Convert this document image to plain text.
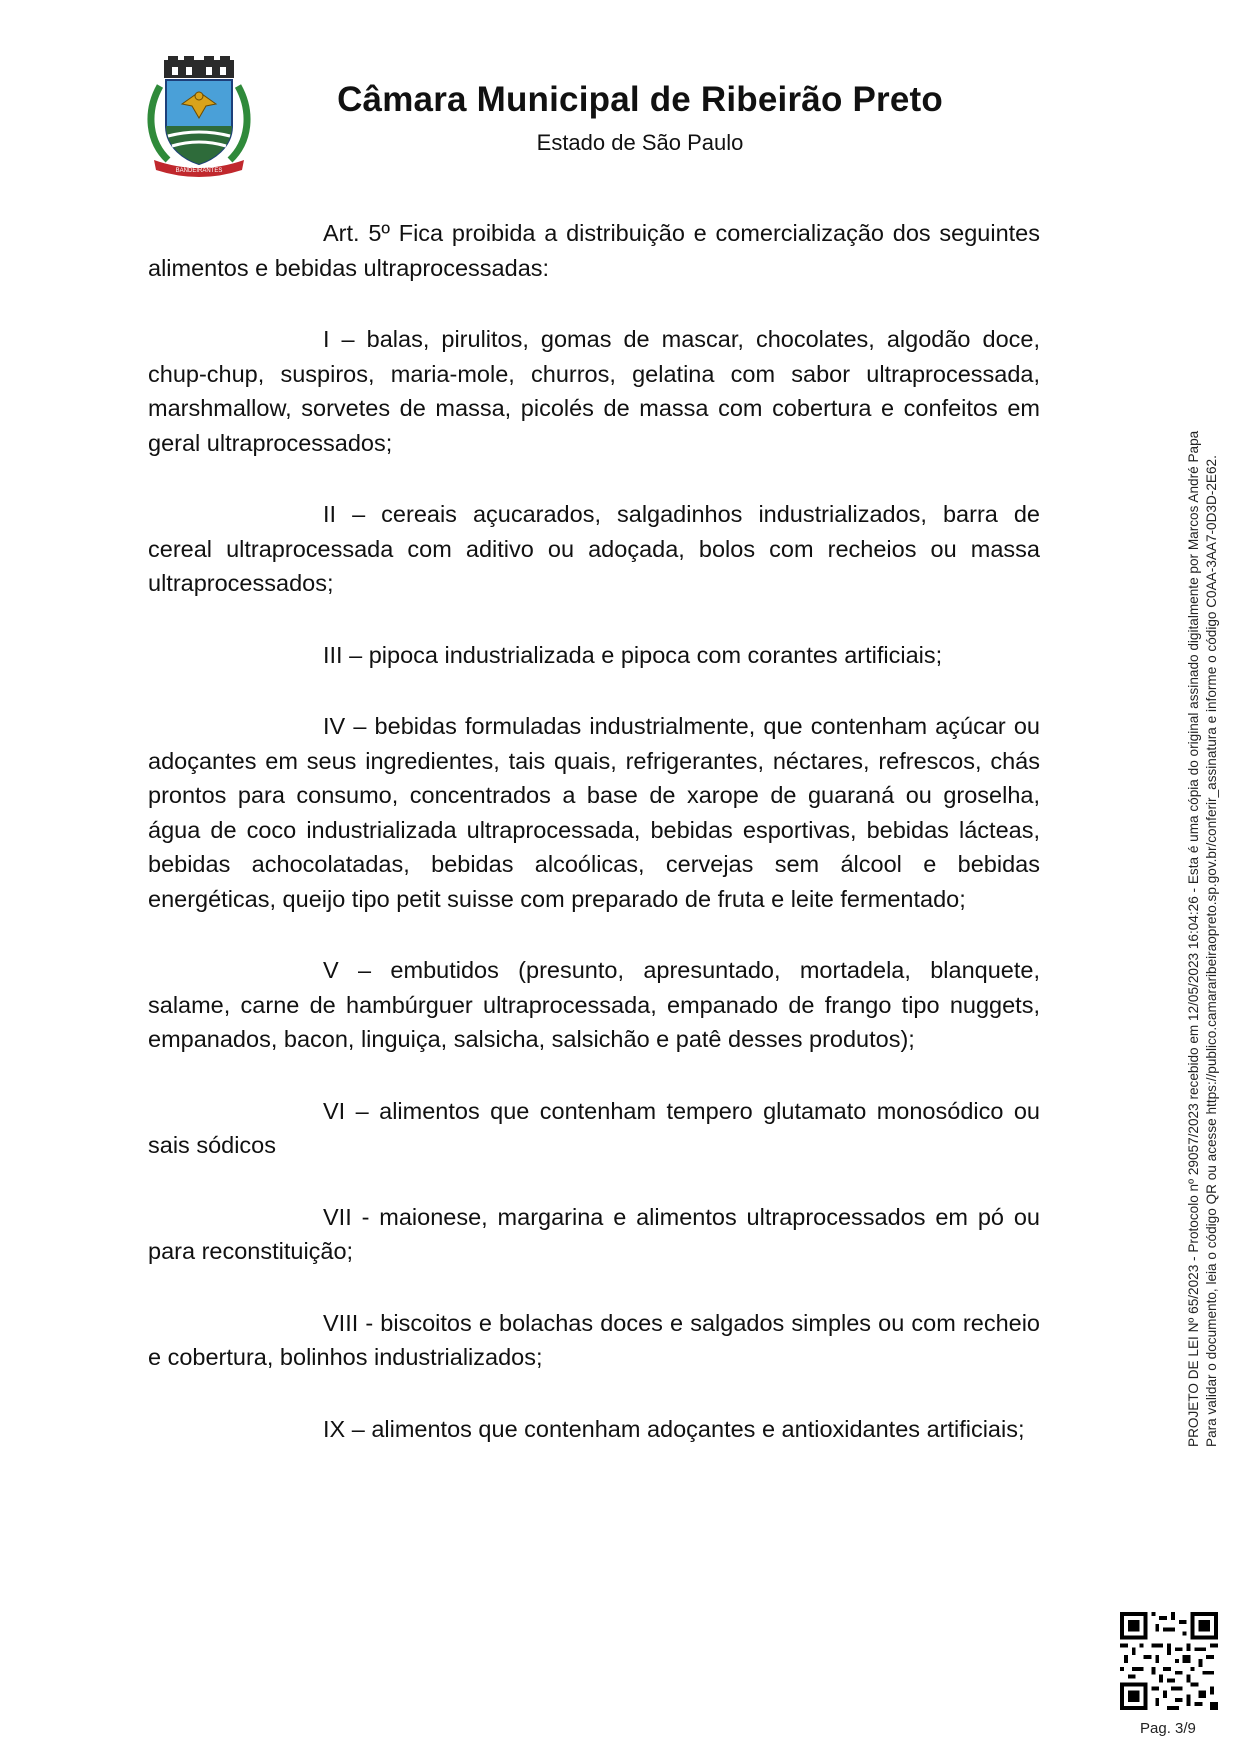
BANDEIRANTES
Câmara Municipal de Ribeirão Preto

Estado de São Paulo

Art. 5º Fica proibida a distribuição e comercialização dos seguintes alimentos e bebidas ultraprocessadas:

I – balas, pirulitos, gomas de mascar, chocolates, algodão doce, chup-chup, suspiros, maria-mole, churros, gelatina com sabor ultraprocessada, marshmallow, sorvetes de massa, picolés de massa com cobertura e confeitos em geral ultraprocessados;

II – cereais açucarados, salgadinhos industrializados, barra de cereal ultraprocessada com aditivo ou adoçada, bolos com recheios ou massa ultraprocessados;

III – pipoca industrializada e pipoca com corantes artificiais;

IV – bebidas formuladas industrialmente, que contenham açúcar ou adoçantes em seus ingredientes, tais quais, refrigerantes, néctares, refrescos, chás prontos para consumo, concentrados a base de xarope de guaraná ou groselha, água de coco industrializada ultraprocessada, bebidas esportivas, bebidas lácteas, bebidas achocolatadas, bebidas alcoólicas, cervejas sem álcool e bebidas energéticas, queijo tipo petit suisse com preparado de fruta e leite fermentado;

V – embutidos (presunto, apresuntado, mortadela, blanquete, salame, carne de hambúrguer ultraprocessada, empanado de frango tipo nuggets, empanados, bacon, linguiça, salsicha, salsichão e patê desses produtos);

VI – alimentos que contenham tempero glutamato monosódico ou sais sódicos

VII - maionese, margarina e alimentos ultraprocessados em pó ou para reconstituição;

VIII - biscoitos e bolachas doces e salgados simples ou com recheio e cobertura, bolinhos industrializados;

IX – alimentos que contenham adoçantes e antioxidantes artificiais;	PROJETO DE LEI Nº 65/2023 - Protocolo nº 29057/2023 recebido em 12/05/2023 16:04:26 - Esta é uma cópia do original assinado digitalmente por Marcos André Papa Para validar o documento, leia o código QR ou acesse https://publico.camararibeiraopreto.sp.gov.br/conferir_assinatura e informe o código C0AA-3AA7-0D3D-2E62.
Pag. 3/9
